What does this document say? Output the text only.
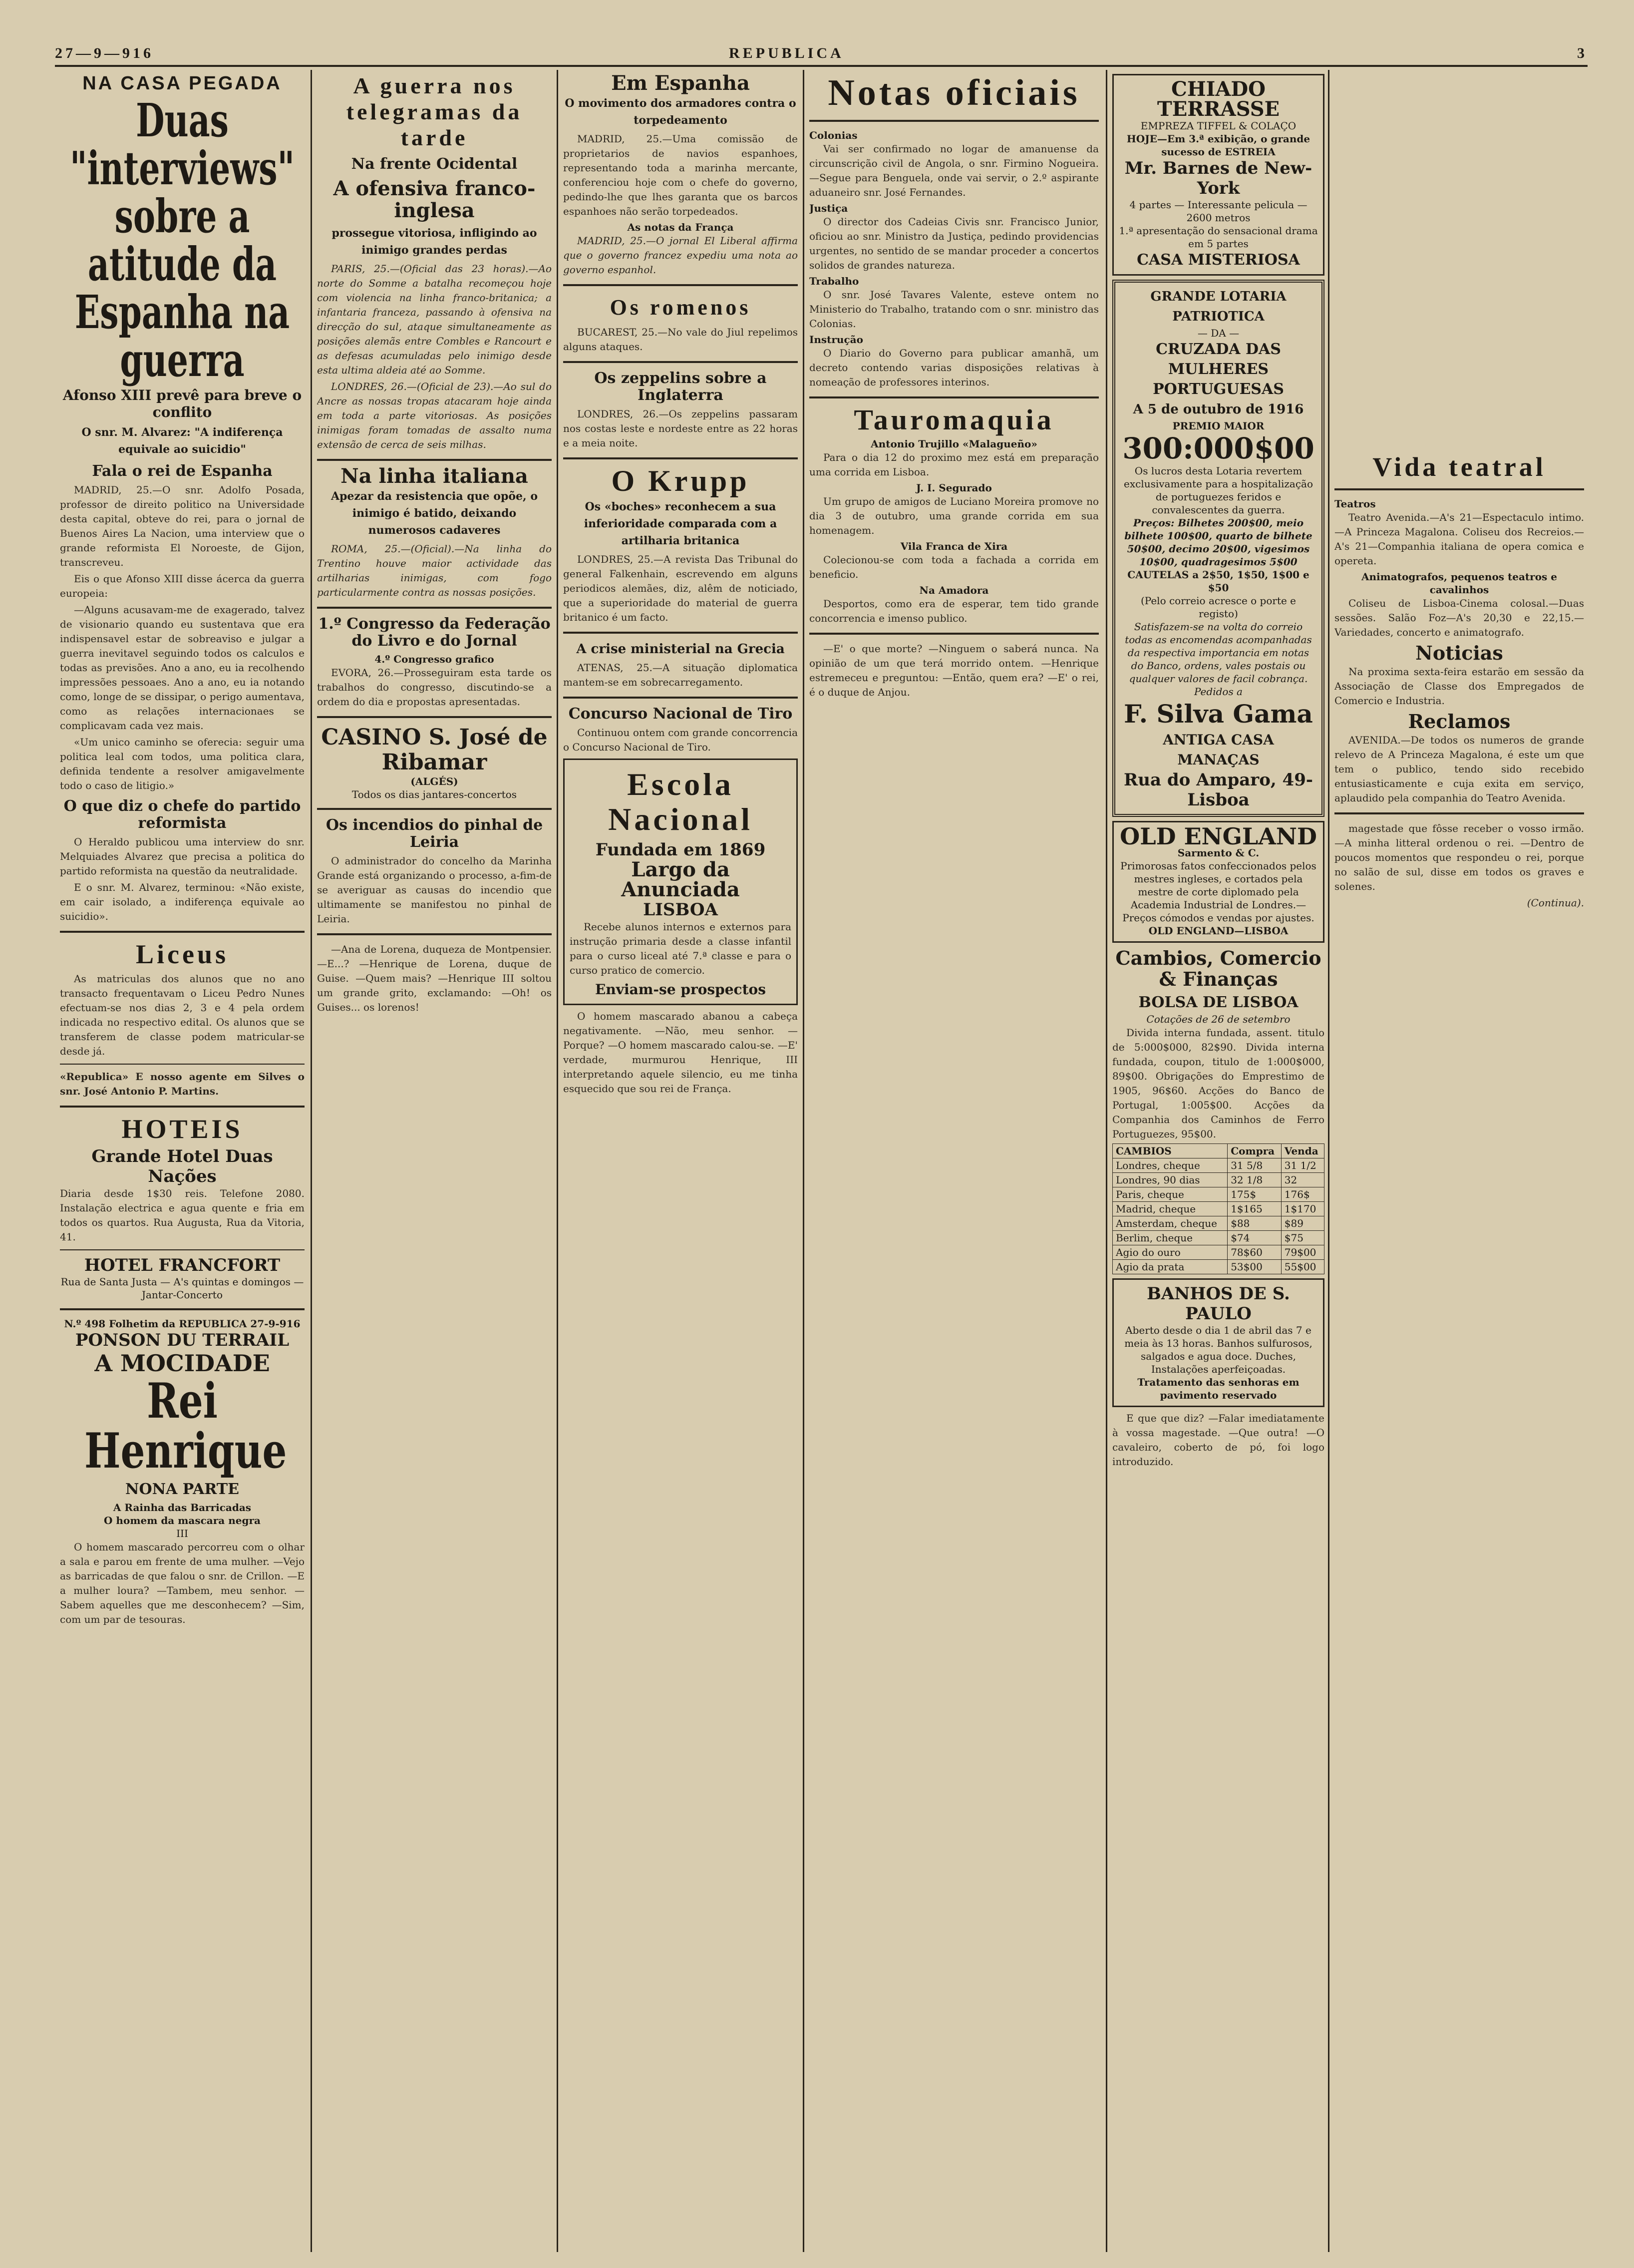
27—9—916	REPUBLICA	3
NA CASA PEGADA
Duas "interviews" sobre a atitude da Espanha na guerra
Afonso XIII prevê para breve o conflito
O snr. M. Alvarez: "A indiferença equivale ao suicidio"
Fala o rei de Espanha

MADRID, 25.—O snr. Adolfo Posada, professor de direito politico na Universidade desta capital, obteve do rei, para o jornal de Buenos Aires La Nacion, uma interview que o grande reformista El Noroeste, de Gijon, transcreveu.

Eis o que Afonso XIII disse ácerca da guerra europeia:

—Alguns acusavam-me de exagerado, talvez de visionario quando eu sustentava que era indispensavel estar de sobreaviso e julgar a guerra inevitavel seguindo todos os calculos e todas as previsões. Ano a ano, eu ia recolhendo impressões pessoaes. Ano a ano, eu ia notando como, longe de se dissipar, o perigo aumentava, como as relações internacionaes se complicavam cada vez mais.

«Um unico caminho se oferecia: seguir uma politica leal com todos, uma politica clara, definida tendente a resolver amigavelmente todo o caso de litigio.»

O que diz o chefe do partido reformista

O Heraldo publicou uma interview do snr. Melquiades Alvarez que precisa a politica do partido reformista na questão da neutralidade.

E o snr. M. Alvarez, terminou: «Não existe, em cair isolado, a indiferença equivale ao suicidio».

Liceus

As matriculas dos alunos que no ano transacto frequentavam o Liceu Pedro Nunes efectuam-se nos dias 2, 3 e 4 pela ordem indicada no respectivo edital. Os alunos que se transferem de classe podem matricular-se desde já.

«Republica» E nosso agente em Silves o snr. José Antonio P. Martins.
HOTEIS
Grande Hotel Duas Nações
Diaria desde 1$30 reis. Telefone 2080. Instalação electrica e agua quente e fria em todos os quartos. Rua Augusta, Rua da Vitoria, 41.
HOTEL FRANCFORT
Rua de Santa Justa — A's quintas e domingos — Jantar-Concerto
N.º 498 Folhetim da REPUBLICA 27-9-916
PONSON DU TERRAIL
A MOCIDADE
Rei Henrique
NONA PARTE
A Rainha das Barricadas
O homem da mascara negra
III

O homem mascarado percorreu com o olhar a sala e parou em frente de uma mulher. —Vejo as barricadas de que falou o snr. de Crillon. —E a mulher loura? —Tambem, meu senhor. —Sabem aquelles que me desconhecem? —Sim, com um par de tesouras.

A guerra nos telegramas da tarde
Na frente Ocidental
A ofensiva franco-inglesa
prossegue vitoriosa, infligindo ao inimigo grandes perdas

PARIS, 25.—(Oficial das 23 horas).—Ao norte do Somme a batalha recomeçou hoje com violencia na linha franco-britanica; a infantaria franceza, passando à ofensiva na direcção do sul, ataque simultaneamente as posições alemãs entre Combles e Rancourt e as defesas acumuladas pelo inimigo desde esta ultima aldeia até ao Somme.

LONDRES, 26.—(Oficial de 23).—Ao sul do Ancre as nossas tropas atacaram hoje ainda em toda a parte vitoriosas. As posições inimigas foram tomadas de assalto numa extensão de cerca de seis milhas.

Na linha italiana
Apezar da resistencia que opõe, o inimigo é batido, deixando numerosos cadaveres

ROMA, 25.—(Oficial).—Na linha do Trentino houve maior actividade das artilharias inimigas, com fogo particularmente contra as nossas posições.

1.º Congresso da Federação do Livro e do Jornal
4.º Congresso grafico

EVORA, 26.—Prosseguiram esta tarde os trabalhos do congresso, discutindo-se a ordem do dia e propostas apresentadas.

CASINO S. José de Ribamar
(ALGÉS)
Todos os dias jantares-concertos
Os incendios do pinhal de Leiria

O administrador do concelho da Marinha Grande está organizando o processo, a-fim-de se averiguar as causas do incendio que ultimamente se manifestou no pinhal de Leiria.

—Ana de Lorena, duqueza de Montpensier. —E...? —Henrique de Lorena, duque de Guise. —Quem mais? —Henrique III soltou um grande grito, exclamando: —Oh! os Guises... os lorenos!

Em Espanha
O movimento dos armadores contra o torpedeamento

MADRID, 25.—Uma comissão de proprietarios de navios espanhoes, representando toda a marinha mercante, conferenciou hoje com o chefe do governo, pedindo-lhe que lhes garanta que os barcos espanhoes não serão torpedeados.

As notas da França

MADRID, 25.—O jornal El Liberal affirma que o governo francez expediu uma nota ao governo espanhol.

Os romenos

BUCAREST, 25.—No vale do Jiul repelimos alguns ataques.

Os zeppelins sobre a Inglaterra

LONDRES, 26.—Os zeppelins passaram nos costas leste e nordeste entre as 22 horas e a meia noite.

O Krupp
Os «boches» reconhecem a sua inferioridade comparada com a artilharia britanica

LONDRES, 25.—A revista Das Tribunal do general Falkenhain, escrevendo em alguns periodicos alemães, diz, alêm de noticiado, que a superioridade do material de guerra britanico é um facto.

A crise ministerial na Grecia

ATENAS, 25.—A situação diplomatica mantem-se em sobrecarregamento.

Concurso Nacional de Tiro

Continuou ontem com grande concorrencia o Concurso Nacional de Tiro.

Escola Nacional
Fundada em 1869
Largo da Anunciada
LISBOA

Recebe alunos internos e externos para instrução primaria desde a classe infantil para o curso liceal até 7.ª classe e para o curso pratico de comercio.

Enviam-se prospectos

O homem mascarado abanou a cabeça negativamente. —Não, meu senhor. —Porque? —O homem mascarado calou-se. —E' verdade, murmurou Henrique, III interpretando aquele silencio, eu me tinha esquecido que sou rei de França.

Notas oficiais
Colonias

Vai ser confirmado no logar de amanuense da circunscrição civil de Angola, o snr. Firmino Nogueira. —Segue para Benguela, onde vai servir, o 2.º aspirante aduaneiro snr. José Fernandes.

Justiça

O director dos Cadeias Civis snr. Francisco Junior, oficiou ao snr. Ministro da Justiça, pedindo providencias urgentes, no sentido de se mandar proceder a concertos solidos de grandes natureza.

Trabalho

O snr. José Tavares Valente, esteve ontem no Ministerio do Trabalho, tratando com o snr. ministro das Colonias.

Instrução

O Diario do Governo para publicar amanhã, um decreto contendo varias disposições relativas à nomeação de professores interinos.

Tauromaquia
Antonio Trujillo «Malagueño»

Para o dia 12 do proximo mez está em preparação uma corrida em Lisboa.

J. I. Segurado

Um grupo de amigos de Luciano Moreira promove no dia 3 de outubro, uma grande corrida em sua homenagem.

Vila Franca de Xira

Colecionou-se com toda a fachada a corrida em beneficio.

Na Amadora

Desportos, como era de esperar, tem tido grande concorrencia e imenso publico.

—E' o que morte? —Ninguem o saberá nunca. Na opinião de um que terá morrido ontem. —Henrique estremeceu e preguntou: —Então, quem era? —E' o rei, é o duque de Anjou.

CHIADO TERRASSE
EMPREZA TIFFEL & COLAÇO
HOJE—Em 3.ª exibição, o grande sucesso de ESTREIA
Mr. Barnes de New-York
4 partes — Interessante pelicula — 2600 metros
1.ª apresentação do sensacional drama em 5 partes
CASA MISTERIOSA
GRANDE LOTARIA PATRIOTICA
— DA —
CRUZADA DAS MULHERES PORTUGUESAS
A 5 de outubro de 1916
PREMIO MAIOR
300:000$00
Os lucros desta Lotaria revertem exclusivamente para a hospitalização de portuguezes feridos e convalescentes da guerra.
Preços: Bilhetes 200$00, meio bilhete 100$00, quarto de bilhete 50$00, decimo 20$00, vigesimos 10$00, quadragesimos 5$00
CAUTELAS a 2$50, 1$50, 1$00 e $50
(Pelo correio acresce o porte e registo)
Satisfazem-se na volta do correio todas as encomendas acompanhadas da respectiva importancia em notas do Banco, ordens, vales postais ou qualquer valores de facil cobrança. Pedidos a
F. Silva Gama
ANTIGA CASA MANAÇAS
Rua do Amparo, 49-Lisboa
OLD ENGLAND
Sarmento & C.
Primorosas fatos confeccionados pelos mestres ingleses, e cortados pela mestre de corte diplomado pela Academia Industrial de Londres.—Preços cómodos e vendas por ajustes.
OLD ENGLAND—LISBOA
Cambios, Comercio & Finanças
BOLSA DE LISBOA
Cotações de 26 de setembro

Divida interna fundada, assent. titulo de 5:000$000, 82$90. Divida interna fundada, coupon, titulo de 1:000$000, 89$00. Obrigações do Emprestimo de 1905, 96$60. Acções do Banco de Portugal, 1:005$00. Acções da Companhia dos Caminhos de Ferro Portuguezes, 95$00.

CAMBIOS	Compra	Venda
Londres, cheque	31 5/8	31 1/2
Londres, 90 dias	32 1/8	32
Paris, cheque	175$	176$
Madrid, cheque	1$165	1$170
Amsterdam, cheque	$88	$89
Berlim, cheque	$74	$75
Agio do ouro	78$60	79$00
Agio da prata	53$00	55$00
BANHOS DE S. PAULO
Aberto desde o dia 1 de abril das 7 e meia às 13 horas. Banhos sulfurosos, salgados e agua doce. Duches, Instalações aperfeiçoadas.
Tratamento das senhoras em pavimento reservado

E que que diz? —Falar imediatamente à vossa magestade. —Que outra! —O cavaleiro, coberto de pó, foi logo introduzido.

Vida teatral
Teatros

Teatro Avenida.—A's 21—Espectaculo intimo.—A Princeza Magalona. Coliseu dos Recreios.—A's 21—Companhia italiana de opera comica e opereta.

Animatografos, pequenos teatros e cavalinhos

Coliseu de Lisboa-Cinema colosal.—Duas sessões. Salão Foz—A's 20,30 e 22,15.—Variedades, concerto e animatografo.

Noticias

Na proxima sexta-feira estarão em sessão da Associação de Classe dos Empregados de Comercio e Industria.

Reclamos

AVENIDA.—De todos os numeros de grande relevo de A Princeza Magalona, é este um que tem o publico, tendo sido recebido entusiasticamente e cuja exita em serviço, aplaudido pela companhia do Teatro Avenida.

magestade que fôsse receber o vosso irmão. —A minha litteral ordenou o rei. —Dentro de poucos momentos que respondeu o rei, porque no salão de sul, disse em todos os graves e solenes.

(Continua).
